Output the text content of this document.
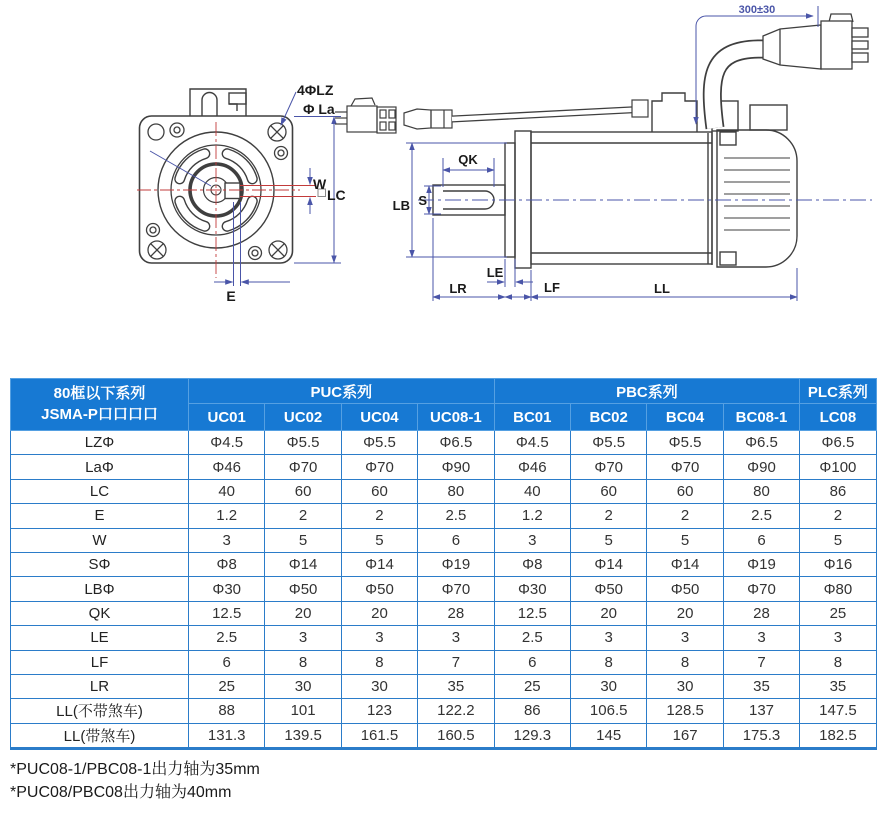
4ΦLZ
Φ La
W
LC
E
QK
S
LB
LE
LR	LF	LL
300±30
80框以下系列
JSMA-P口口口口	PUC系列				PBC系列				PLC系列
	UC01	UC02	UC04	UC08-1	BC01	BC02	BC04	BC08-1	LC08
LZΦ	Φ4.5	Φ5.5	Φ5.5	Φ6.5	Φ4.5	Φ5.5	Φ5.5	Φ6.5	Φ6.5
LaΦ	Φ46	Φ70	Φ70	Φ90	Φ46	Φ70	Φ70	Φ90	Φ100
LC	40	60	60	80	40	60	60	80	86
E	1.2	2	2	2.5	1.2	2	2	2.5	2
W	3	5	5	6	3	5	5	6	5
SΦ	Φ8	Φ14	Φ14	Φ19	Φ8	Φ14	Φ14	Φ19	Φ16
LBΦ	Φ30	Φ50	Φ50	Φ70	Φ30	Φ50	Φ50	Φ70	Φ80
QK	12.5	20	20	28	12.5	20	20	28	25
LE	2.5	3	3	3	2.5	3	3	3	3
LF	6	8	8	7	6	8	8	7	8
LR	25	30	30	35	25	30	30	35	35
LL(不带煞车)	88	101	123	122.2	86	106.5	128.5	137	147.5
LL(带煞车)	131.3	139.5	161.5	160.5	129.3	145	167	175.3	182.5
*PUC08-1/PBC08-1出力轴为35mm
*PUC08/PBC08出力轴为40mm
